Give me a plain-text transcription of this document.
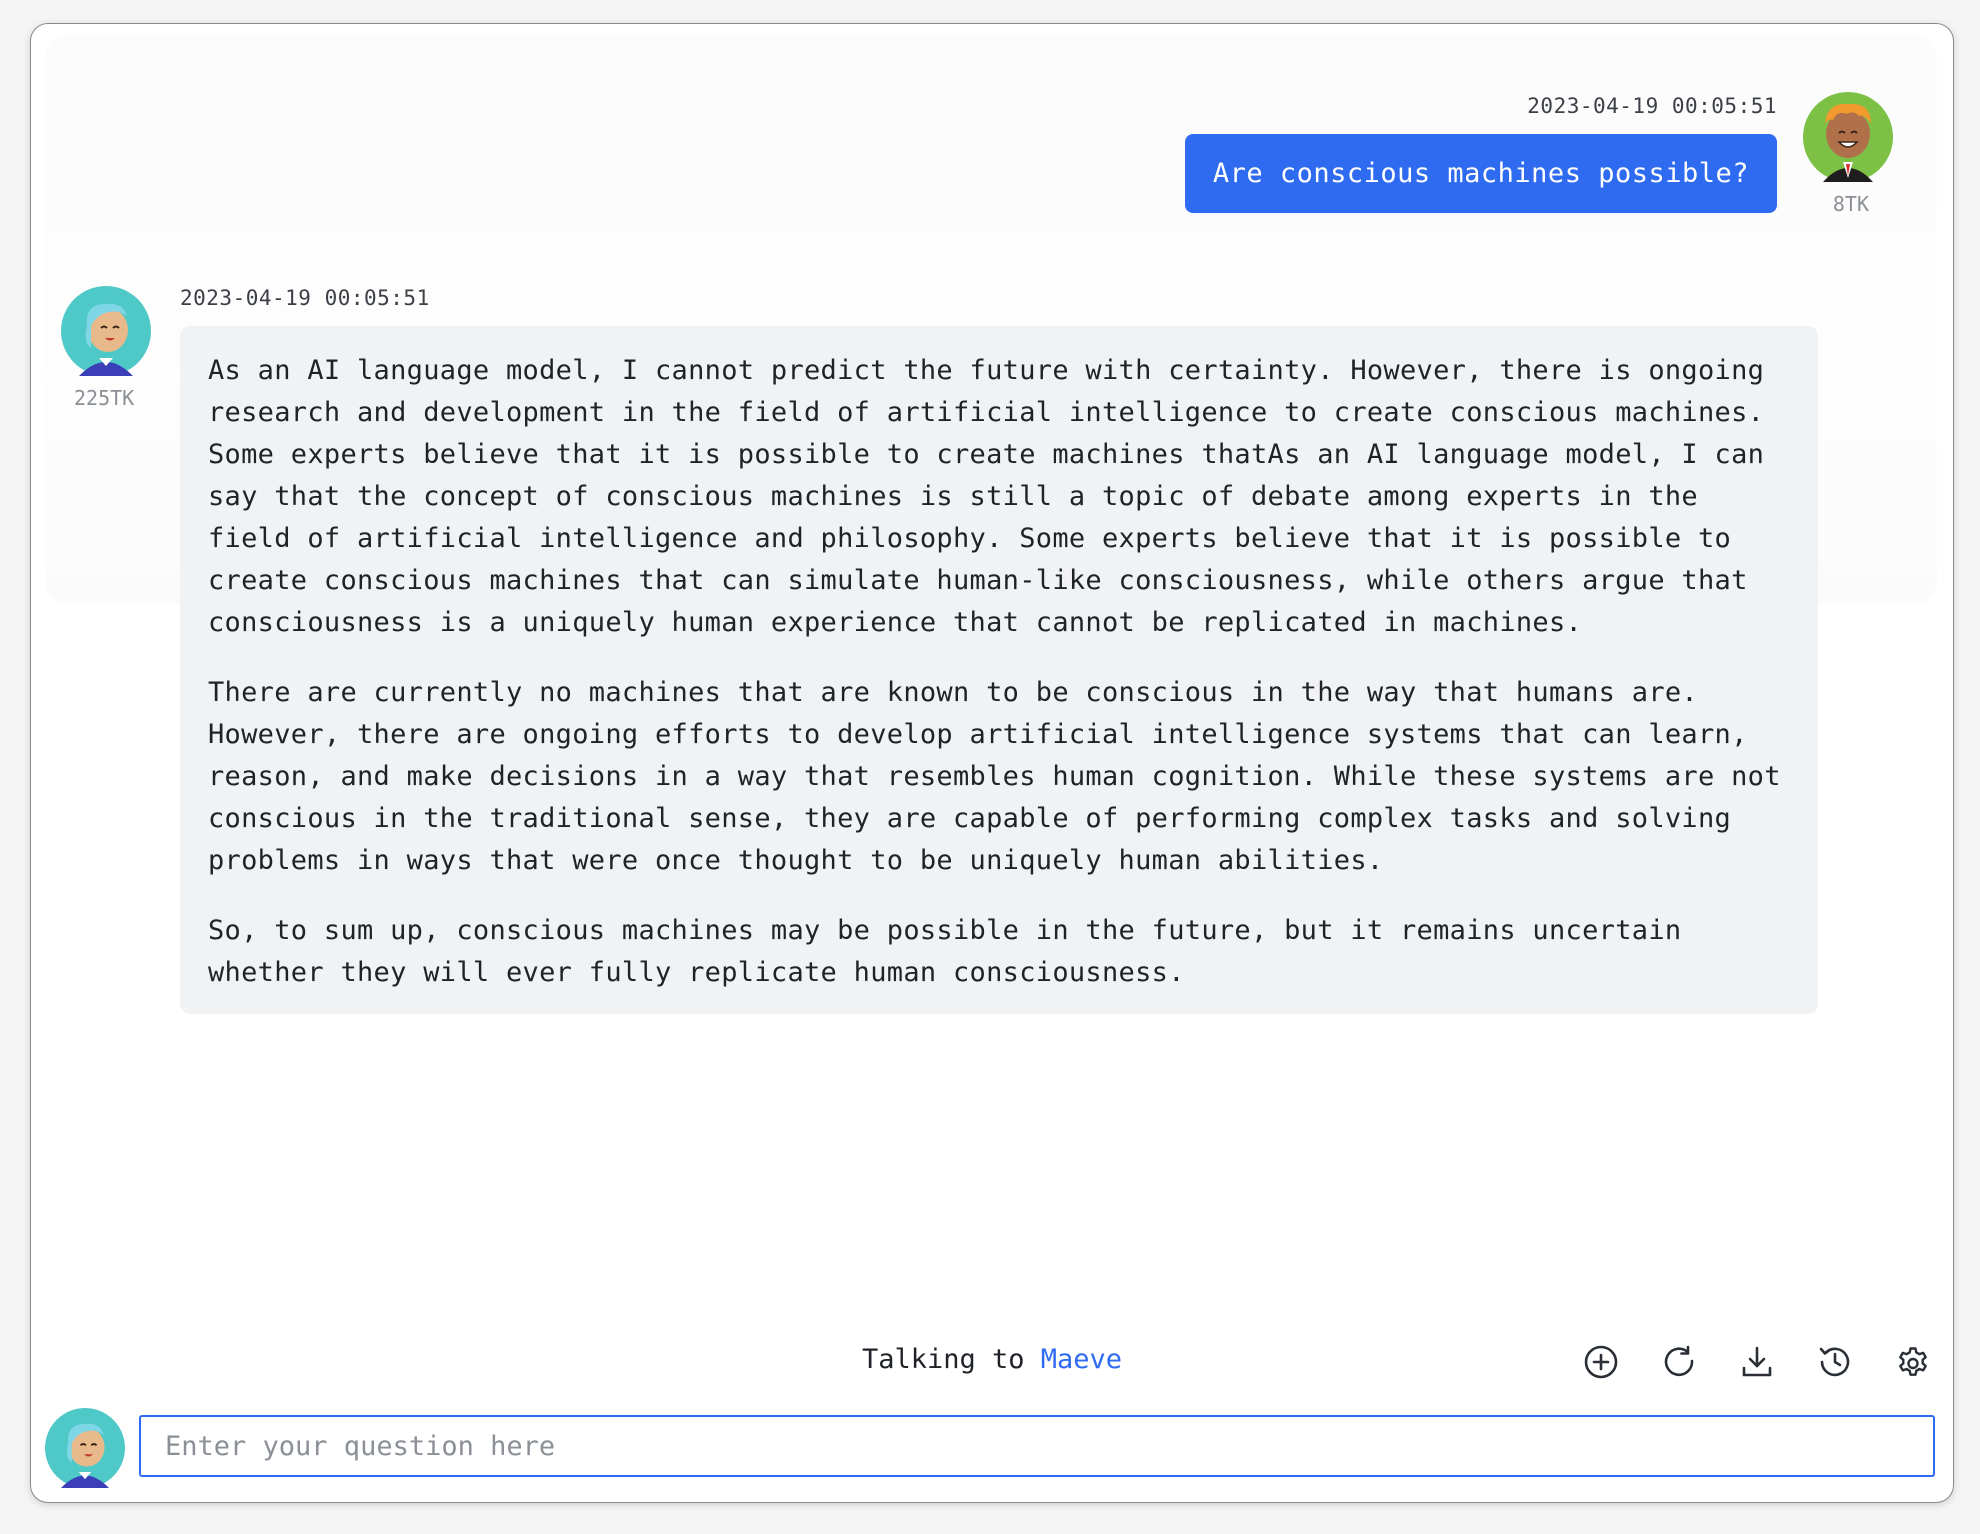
2023-04-19 00:05:51
Are conscious machines possible?
8TK
225TK
2023-04-19 00:05:51

As an AI language model, I cannot predict the future with certainty. However, there is ongoing research and development in the field of artificial intelligence to create conscious machines. Some experts believe that it is possible to create machines thatAs an AI language model, I can say that the concept of conscious machines is still a topic of debate among experts in the field of artificial intelligence and philosophy. Some experts believe that it is possible to create conscious machines that can simulate human-like consciousness, while others argue that consciousness is a uniquely human experience that cannot be replicated in machines.

There are currently no machines that are known to be conscious in the way that humans are. However, there are ongoing efforts to develop artificial intelligence systems that can learn, reason, and make decisions in a way that resembles human cognition. While these systems are not conscious in the traditional sense, they are capable of performing complex tasks and solving problems in ways that were once thought to be uniquely human abilities.

So, to sum up, conscious machines may be possible in the future, but it remains uncertain whether they will ever fully replicate human consciousness.

Talking to Maeve
Enter your question here
